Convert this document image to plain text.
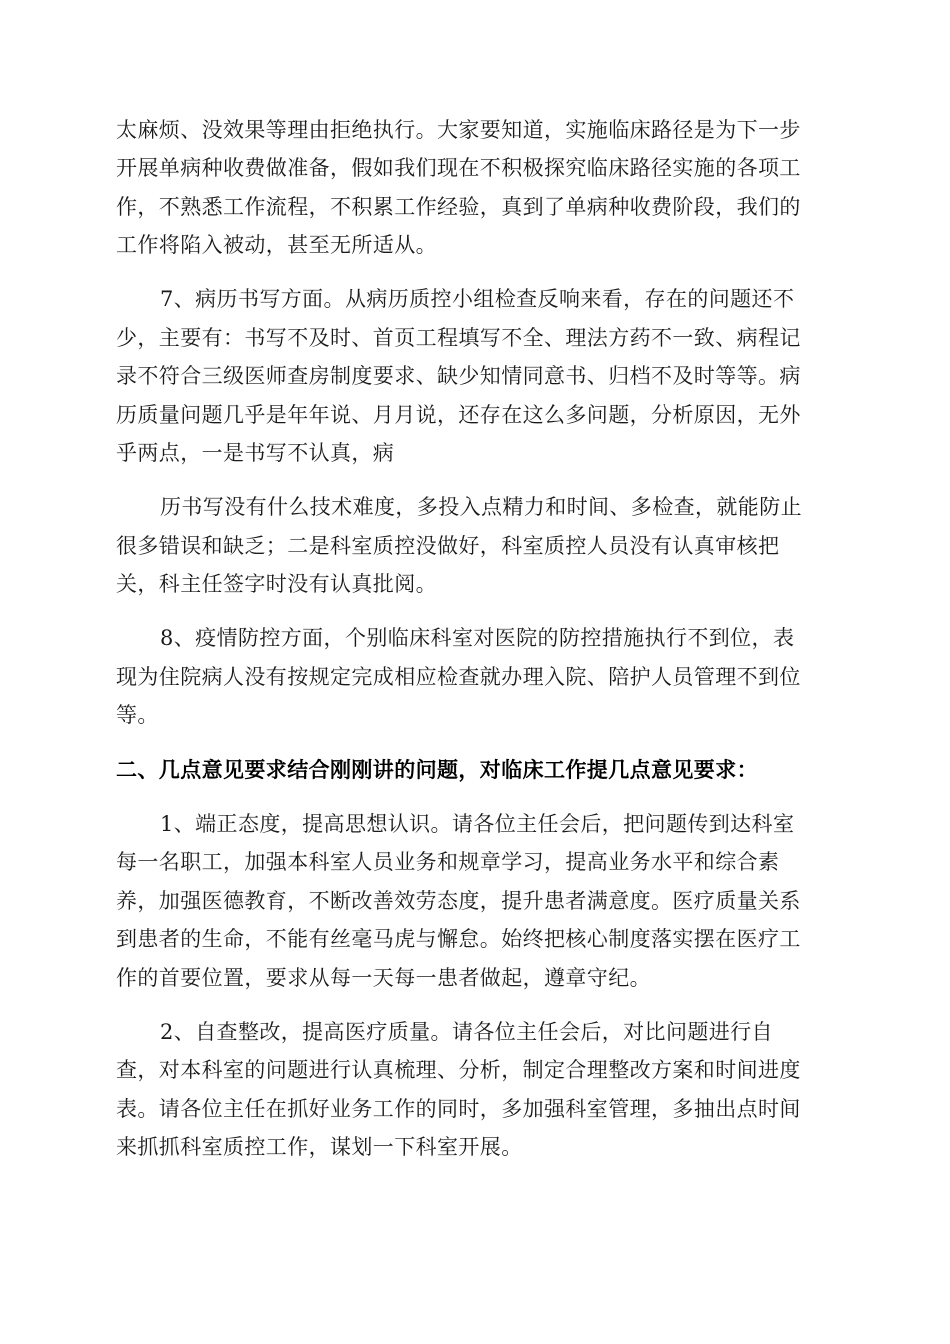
太麻烦、没效果等理由拒绝执行。大家要知道，实施临床路径是为下一步

开展单病种收费做准备，假如我们现在不积极探究临床路径实施的各项工

作，不熟悉工作流程，不积累工作经验，真到了单病种收费阶段，我们的

工作将陷入被动，甚至无所适从。

7、病历书写方面。从病历质控小组检查反响来看，存在的问题还不

少，主要有：书写不及时、首页工程填写不全、理法方药不一致、病程记

录不符合三级医师查房制度要求、缺少知情同意书、归档不及时等等。病

历质量问题几乎是年年说、月月说，还存在这么多问题，分析原因，无外

乎两点，一是书写不认真，病

历书写没有什么技术难度，多投入点精力和时间、多检查，就能防止

很多错误和缺乏；二是科室质控没做好，科室质控人员没有认真审核把

关，科主任签字时没有认真批阅。

8、疫情防控方面，个别临床科室对医院的防控措施执行不到位，表

现为住院病人没有按规定完成相应检查就办理入院、陪护人员管理不到位

等。

二、几点意见要求结合刚刚讲的问题，对临床工作提几点意见要求：

1、端正态度，提高思想认识。请各位主任会后，把问题传到达科室

每一名职工，加强本科室人员业务和规章学习，提高业务水平和综合素

养，加强医德教育，不断改善效劳态度，提升患者满意度。医疗质量关系

到患者的生命，不能有丝毫马虎与懈怠。始终把核心制度落实摆在医疗工

作的首要位置，要求从每一天每一患者做起，遵章守纪。

2、自查整改，提高医疗质量。请各位主任会后，对比问题进行自

查，对本科室的问题进行认真梳理、分析，制定合理整改方案和时间进度

表。请各位主任在抓好业务工作的同时，多加强科室管理，多抽出点时间

来抓抓科室质控工作，谋划一下科室开展。
